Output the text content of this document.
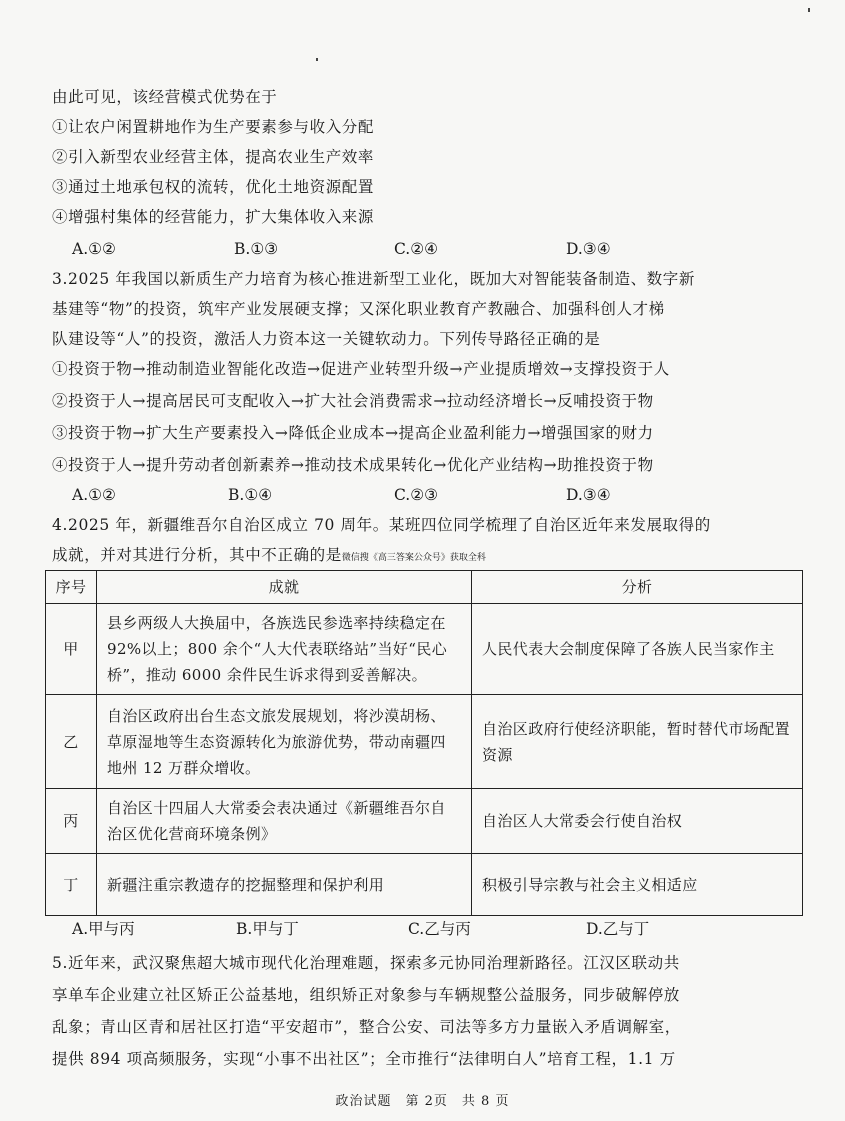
由此可见，该经营模式优势在于
①让农户闲置耕地作为生产要素参与收入分配
②引入新型农业经营主体，提高农业生产效率
③通过土地承包权的流转，优化土地资源配置
④增强村集体的经营能力，扩大集体收入来源
A.①②	B.①③	C.②④	D.③④
3.2025 年我国以新质生产力培育为核心推进新型工业化，既加大对智能装备制造、数字新
基建等“物”的投资，筑牢产业发展硬支撑；又深化职业教育产教融合、加强科创人才梯
队建设等“人”的投资，激活人力资本这一关键软动力。下列传导路径正确的是
①投资于物→推动制造业智能化改造→促进产业转型升级→产业提质增效→支撑投资于人
②投资于人→提高居民可支配收入→扩大社会消费需求→拉动经济增长→反哺投资于物
③投资于物→扩大生产要素投入→降低企业成本→提高企业盈利能力→增强国家的财力
④投资于人→提升劳动者创新素养→推动技术成果转化→优化产业结构→助推投资于物
A.①②	B.①④	C.②③	D.③④
4.2025 年，新疆维吾尔自治区成立 70 周年。某班四位同学梳理了自治区近年来发展取得的
成就，并对其进行分析，其中不正确的是微信搜《高三答案公众号》获取全科
序号	成就	分析
甲	县乡两级人大换届中，各族选民参选率持续稳定在 92%以上；800 余个“人大代表联络站”当好“民心桥”，推动 6000 余件民生诉求得到妥善解决。	人民代表大会制度保障了各族人民当家作主
乙	自治区政府出台生态文旅发展规划，将沙漠胡杨、草原湿地等生态资源转化为旅游优势，带动南疆四地州 12 万群众增收。	自治区政府行使经济职能，暂时替代市场配置资源
丙	自治区十四届人大常委会表决通过《新疆维吾尔自治区优化营商环境条例》	自治区人大常委会行使自治权
丁	新疆注重宗教遗存的挖掘整理和保护利用	积极引导宗教与社会主义相适应
A.甲与丙	B.甲与丁	C.乙与丙	D.乙与丁
5.近年来，武汉聚焦超大城市现代化治理难题，探索多元协同治理新路径。江汉区联动共
享单车企业建立社区矫正公益基地，组织矫正对象参与车辆规整公益服务，同步破解停放
乱象；青山区青和居社区打造“平安超市”，整合公安、司法等多方力量嵌入矛盾调解室，
提供 894 项高频服务，实现“小事不出社区”；全市推行“法律明白人”培育工程，1.1 万
政治试题　第 2页　共 8 页
